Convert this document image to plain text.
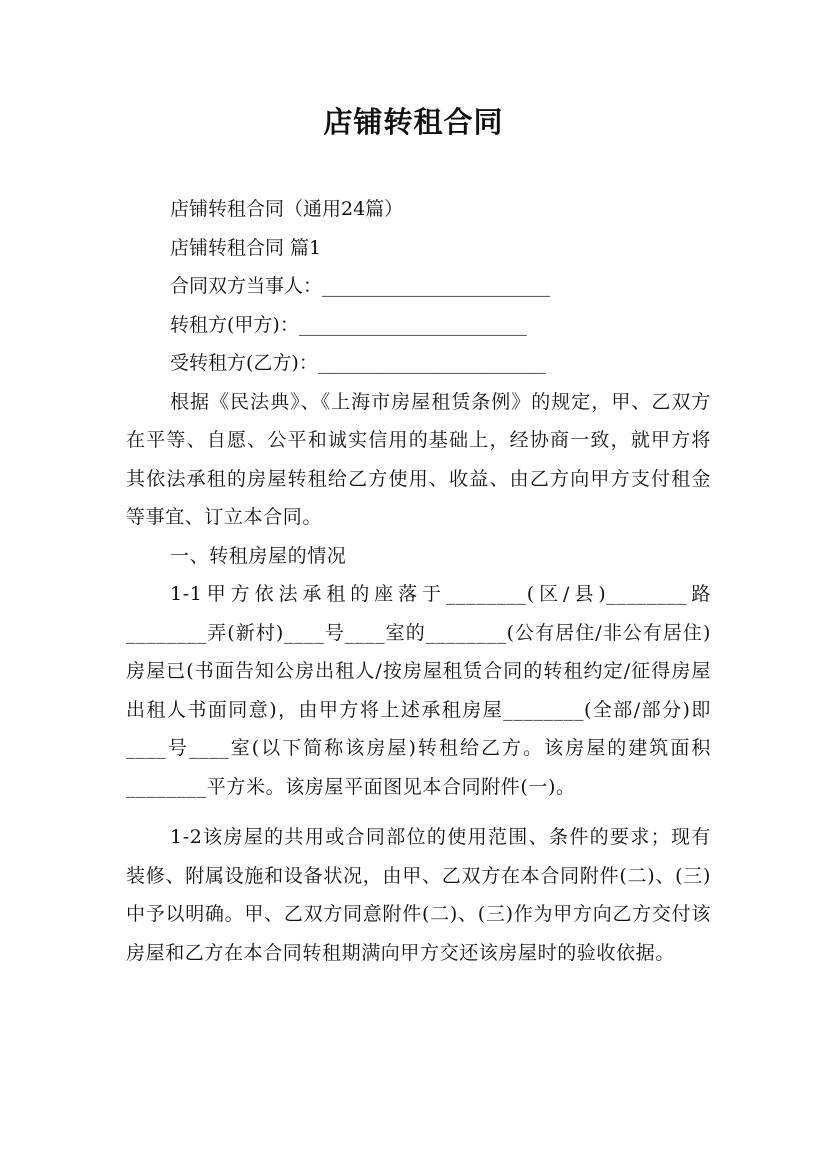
店铺转租合同

店铺转租合同（通用24篇）

店铺转租合同 篇1

合同双方当事人：________________________

转租方(甲方)：________________________

受转租方(乙方)：________________________

根据《民法典》、《上海市房屋租赁条例》的规定，甲、乙双方在平等、自愿、公平和诚实信用的基础上，经协商一致，就甲方将其依法承租的房屋转租给乙方使用、收益、由乙方向甲方支付租金等事宜、订立本合同。

一、转租房屋的情况

1-1甲方依法承租的座落于________(区/县)________路________弄(新村)____号____室的________(公有居住/非公有居住)房屋已(书面告知公房出租人/按房屋租赁合同的转租约定/征得房屋出租人书面同意)，由甲方将上述承租房屋________(全部/部分)即____号____室(以下简称该房屋)转租给乙方。该房屋的建筑面积________平方米。该房屋平面图见本合同附件(一)。

1-2该房屋的共用或合同部位的使用范围、条件的要求；现有装修、附属设施和设备状况，由甲、乙双方在本合同附件(二)、(三)中予以明确。甲、乙双方同意附件(二)、(三)作为甲方向乙方交付该房屋和乙方在本合同转租期满向甲方交还该房屋时的验收依据。
